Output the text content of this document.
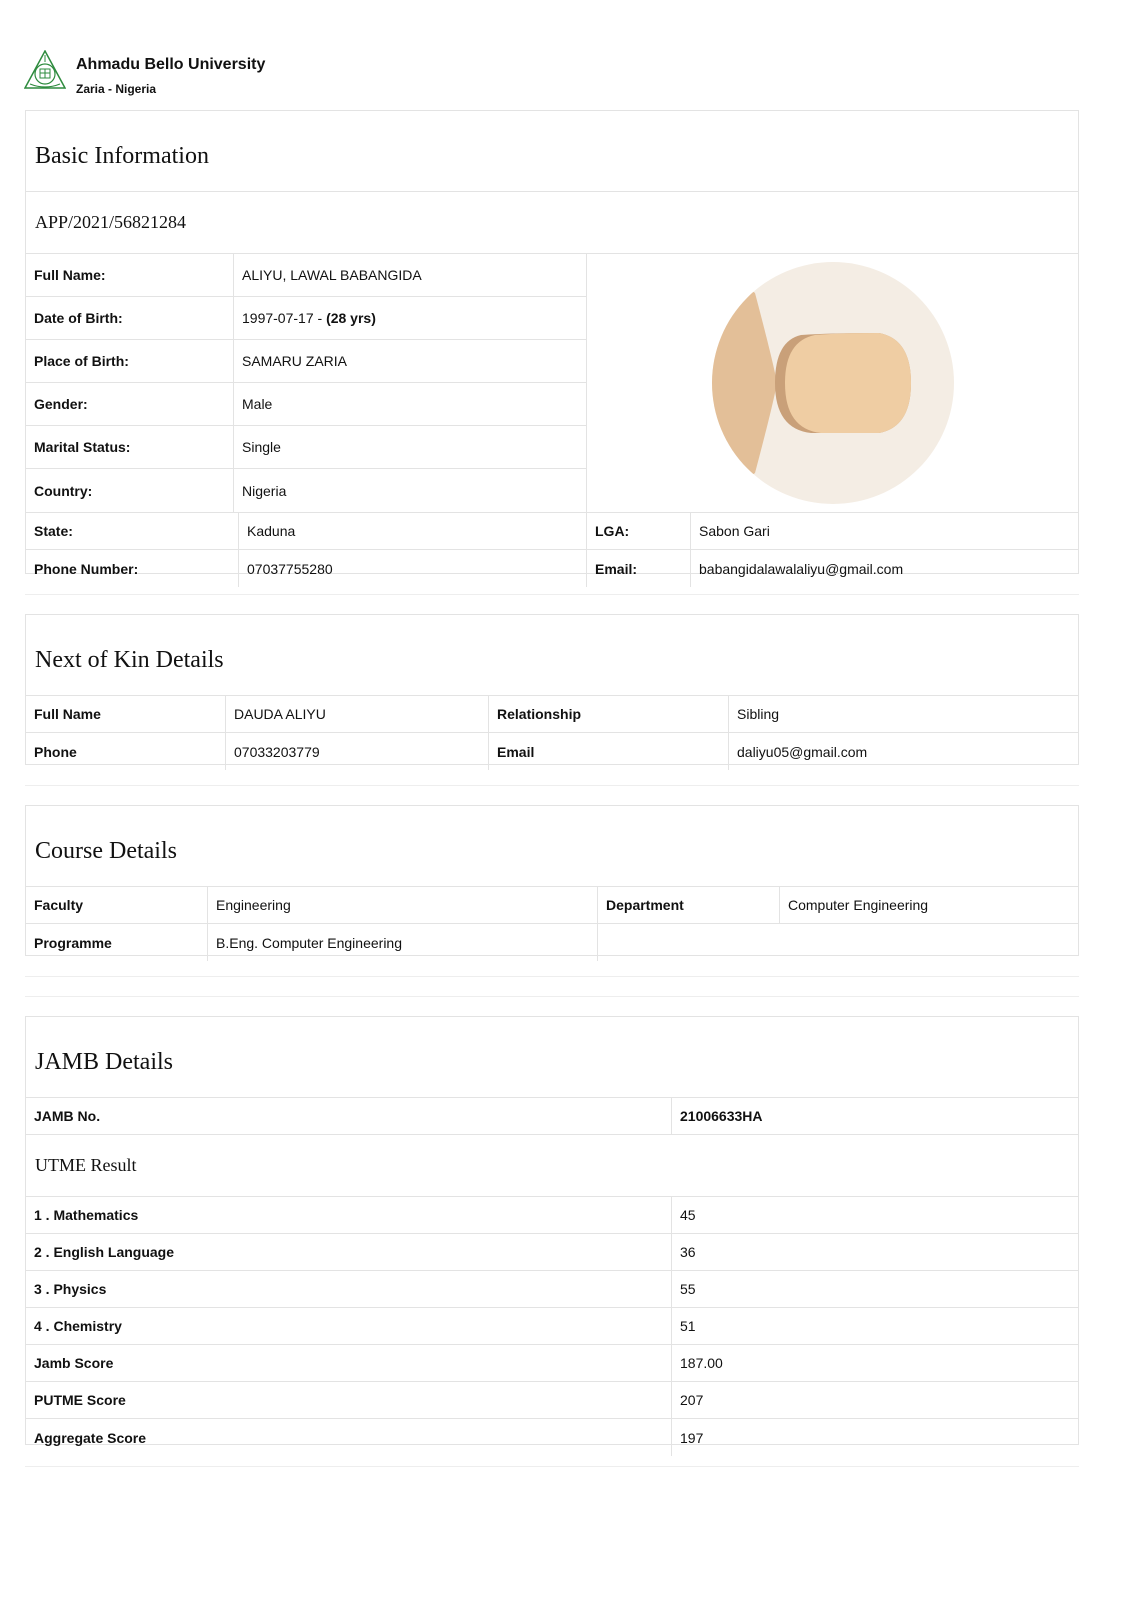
Ahmadu Bello University
Zaria - Nigeria
Basic Information
APP/2021/56821284
Full Name:	ALIYU, LAWAL BABANGIDA
Date of Birth:	1997-07-17 - (28 yrs)
Place of Birth:	SAMARU ZARIA
Gender:	Male
Marital Status:	Single
Country:	Nigeria
State:	Kaduna	LGA:	Sabon Gari
Phone Number:	07037755280	Email:	babangidalawalaliyu@gmail.com
Next of Kin Details
Full Name	DAUDA ALIYU	Relationship	Sibling
Phone	07033203779	Email	daliyu05@gmail.com
Course Details
Faculty	Engineering	Department	Computer Engineering
Programme	B.Eng. Computer Engineering
JAMB Details
JAMB No.	21006633HA
UTME Result
1 . Mathematics	45
2 . English Language	36
3 . Physics	55
4 . Chemistry	51
Jamb Score	187.00
PUTME Score	207
Aggregate Score	197
